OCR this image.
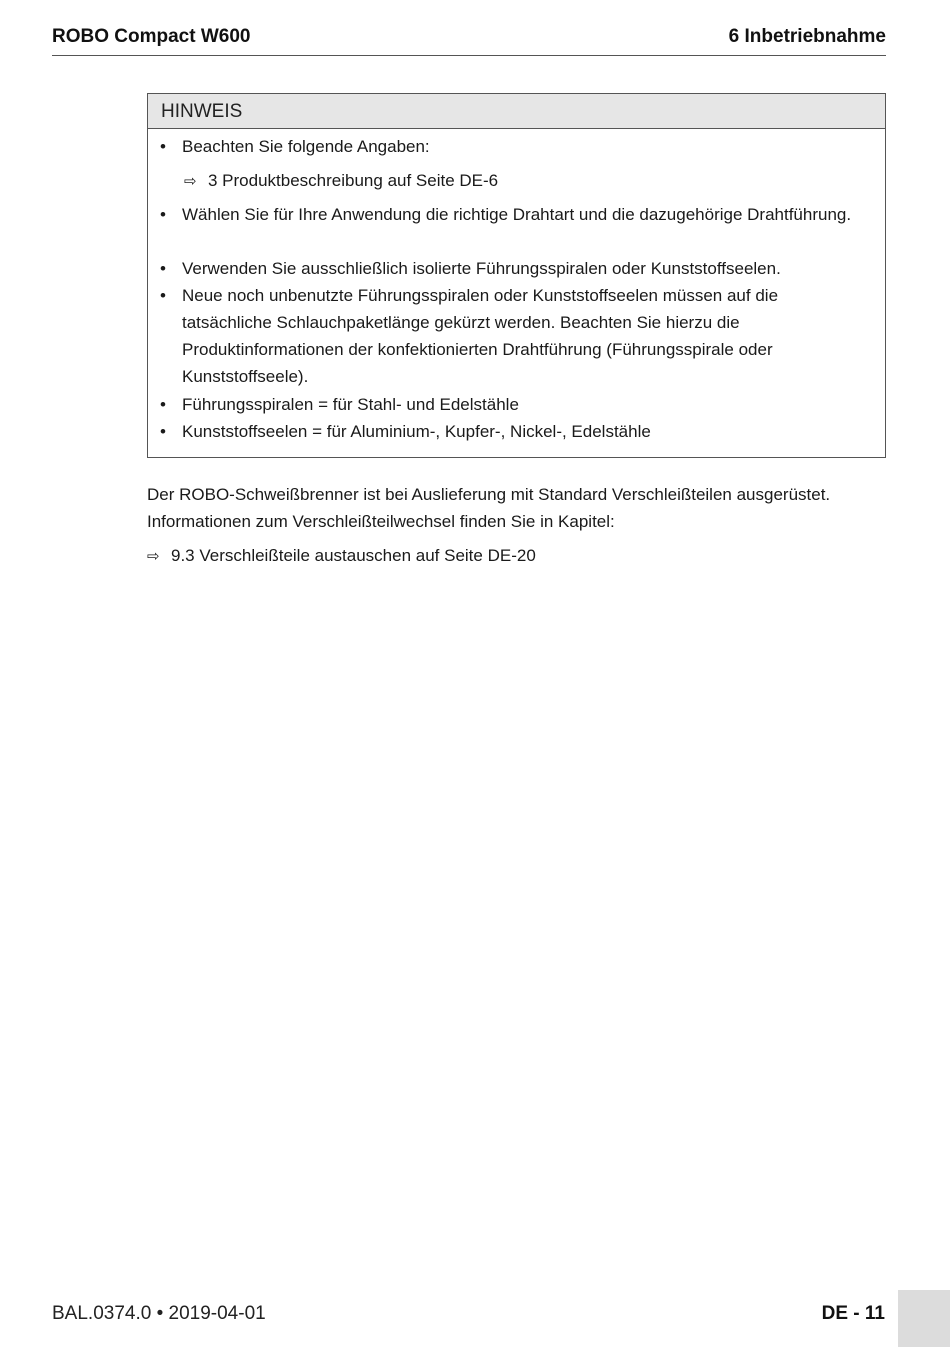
ROBO Compact W600	6 Inbetriebnahme
HINWEIS
• Beachten Sie folgende Angaben:
⇨ 3 Produktbeschreibung auf Seite DE-6
• Wählen Sie für Ihre Anwendung die richtige Drahtart und die dazugehörige Drahtführung.
• Verwenden Sie ausschließlich isolierte Führungsspiralen oder Kunststoffseelen.
• Neue noch unbenutzte Führungsspiralen oder Kunststoffseelen müssen auf die tatsächliche Schlauchpaketlänge gekürzt werden. Beachten Sie hierzu die Produktinformationen der konfektionierten Drahtführung (Führungsspirale oder Kunststoffseele).
• Führungsspiralen = für Stahl- und Edelstähle
• Kunststoffseelen = für Aluminium-, Kupfer-, Nickel-, Edelstähle
Der ROBO-Schweißbrenner ist bei Auslieferung mit Standard Verschleißteilen ausgerüstet. Informationen zum Verschleißteilwechsel finden Sie in Kapitel:
⇨ 9.3 Verschleißteile austauschen auf Seite DE-20
BAL.0374.0 • 2019-04-01	DE - 11
